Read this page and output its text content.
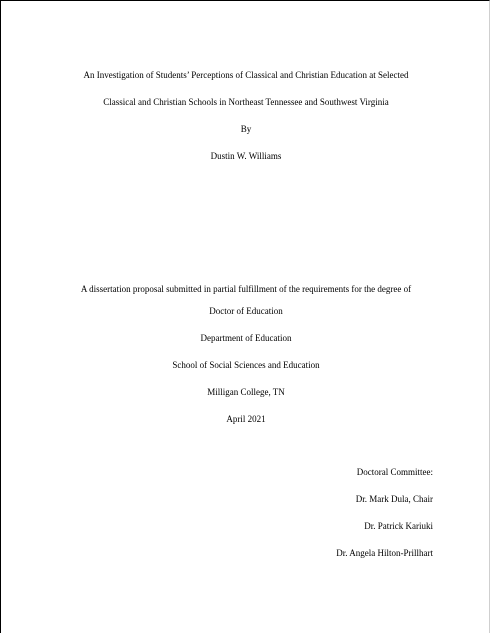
An Investigation of Students’ Perceptions of Classical and Christian Education at Selected
Classical and Christian Schools in Northeast Tennessee and Southwest Virginia
By
Dustin W. Williams
A dissertation proposal submitted in partial fulfillment of the requirements for the degree of
Doctor of Education
Department of Education
School of Social Sciences and Education
Milligan College, TN
April 2021
Doctoral Committee:
Dr. Mark Dula, Chair
Dr. Patrick Kariuki
Dr. Angela Hilton-Prillhart
